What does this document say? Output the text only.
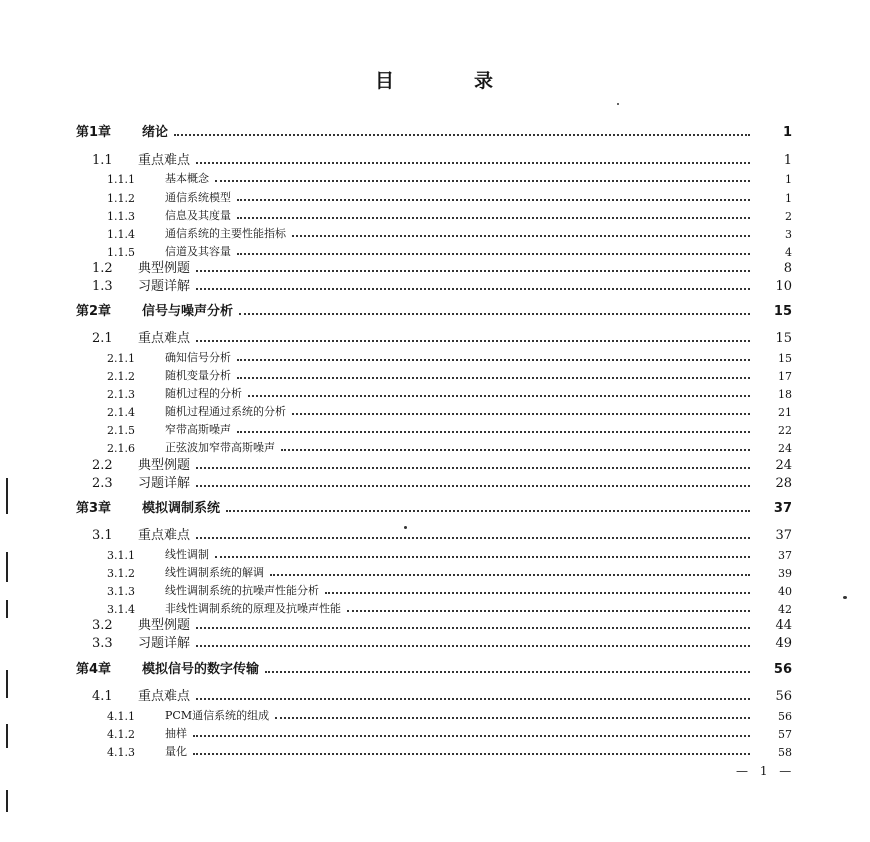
目	录
第1章	绪论	1
1.1	重点难点	1
1.1.1	基本概念	1
1.1.2	通信系统模型	1
1.1.3	信息及其度量	2
1.1.4	通信系统的主要性能指标	3
1.1.5	信道及其容量	4
1.2	典型例题	8
1.3	习题详解	10
第2章	信号与噪声分析	15
2.1	重点难点	15
2.1.1	确知信号分析	15
2.1.2	随机变量分析	17
2.1.3	随机过程的分析	18
2.1.4	随机过程通过系统的分析	21
2.1.5	窄带高斯噪声	22
2.1.6	正弦波加窄带高斯噪声	24
2.2	典型例题	24
2.3	习题详解	28
第3章	模拟调制系统	37
3.1	重点难点	37
3.1.1	线性调制	37
3.1.2	线性调制系统的解调	39
3.1.3	线性调制系统的抗噪声性能分析	40
3.1.4	非线性调制系统的原理及抗噪声性能	42
3.2	典型例题	44
3.3	习题详解	49
第4章	模拟信号的数字传输	56
4.1	重点难点	56
4.1.1	PCM通信系统的组成	56
4.1.2	抽样	57
4.1.3	量化	58
— 1 —
